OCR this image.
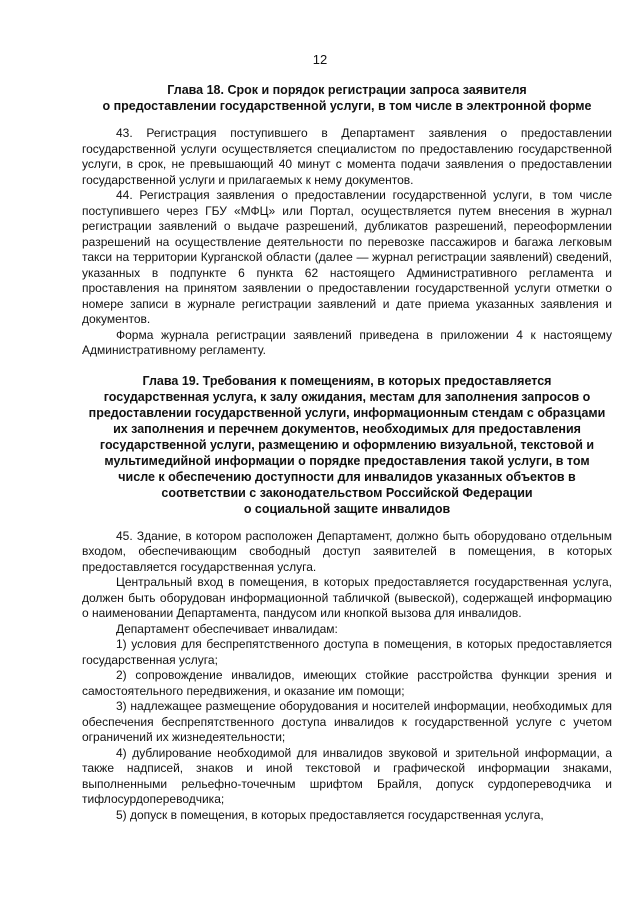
12
Глава 18. Срок и порядок регистрации запроса заявителя
о предоставлении государственной услуги, в том числе в электронной форме

43. Регистрация поступившего в Департамент заявления о предоставлении государственной услуги осуществляется специалистом по предоставлению государственной услуги, в срок, не превышающий 40 минут с момента подачи заявления о предоставлении государственной услуги и прилагаемых к нему документов.

44. Регистрация заявления о предоставлении государственной услуги, в том числе поступившего через ГБУ «МФЦ» или Портал, осуществляется путем внесения в журнал регистрации заявлений о выдаче разрешений, дубликатов разрешений, переоформлении разрешений на осуществление деятельности по перевозке пассажиров и багажа легковым такси на территории Курганской области (далее — журнал регистрации заявлений) сведений, указанных в подпункте 6 пункта 62 настоящего Административного регламента и проставления на принятом заявлении о предоставлении государственной услуги отметки о номере записи в журнале регистрации заявлений и дате приема указанных заявления и документов.

Форма журнала регистрации заявлений приведена в приложении 4 к настоящему Административному регламенту.

Глава 19. Требования к помещениям, в которых предоставляется
государственная услуга, к залу ожидания, местам для заполнения запросов о
предоставлении государственной услуги, информационным стендам с образцами
их заполнения и перечнем документов, необходимых для предоставления
государственной услуги, размещению и оформлению визуальной, текстовой и
мультимедийной информации о порядке предоставления такой услуги, в том
числе к обеспечению доступности для инвалидов указанных объектов в
соответствии с законодательством Российской Федерации
о социальной защите инвалидов

45. Здание, в котором расположен Департамент, должно быть оборудовано отдельным входом, обеспечивающим свободный доступ заявителей в помещения, в которых предоставляется государственная услуга.

Центральный вход в помещения, в которых предоставляется государственная услуга, должен быть оборудован информационной табличкой (вывеской), содержащей информацию о наименовании Департамента, пандусом или кнопкой вызова для инвалидов.

Департамент обеспечивает инвалидам:

1) условия для беспрепятственного доступа в помещения, в которых предоставляется государственная услуга;

2) сопровождение инвалидов, имеющих стойкие расстройства функции зрения и самостоятельного передвижения, и оказание им помощи;

3) надлежащее размещение оборудования и носителей информации, необходимых для обеспечения беспрепятственного доступа инвалидов к государственной услуге с учетом ограничений их жизнедеятельности;

4) дублирование необходимой для инвалидов звуковой и зрительной информации, а также надписей, знаков и иной текстовой и графической информации знаками, выполненными рельефно-точечным шрифтом Брайля, допуск сурдопереводчика и тифлосурдопереводчика;

5) допуск в помещения, в которых предоставляется государственная услуга,
